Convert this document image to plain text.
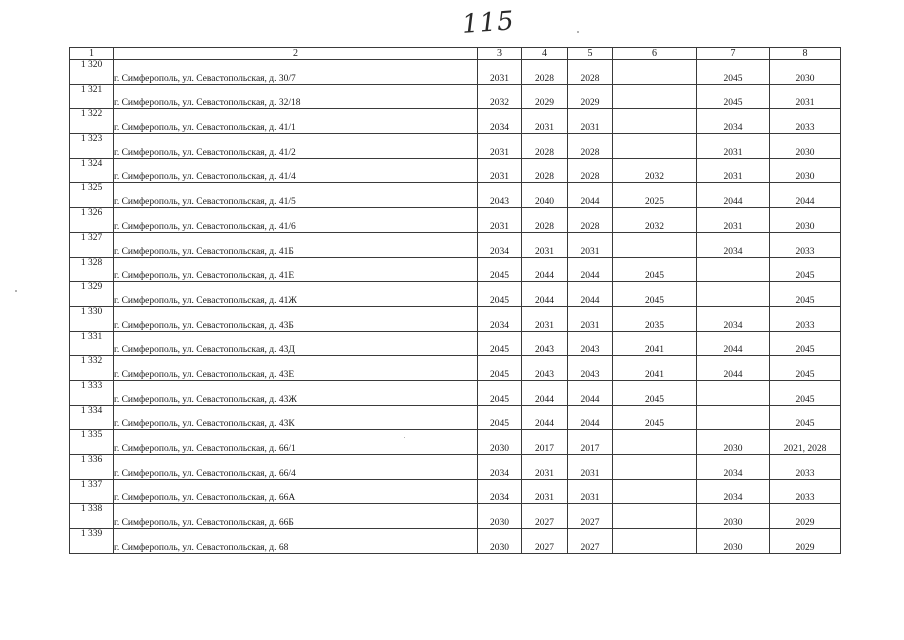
115
1	2	3	4	5	6	7	8
1 320	г. Симферополь, ул. Севастопольская, д. 30/7	2031	2028	2028		2045	2030
1 321	г. Симферополь, ул. Севастопольская, д. 32/18	2032	2029	2029		2045	2031
1 322	г. Симферополь, ул. Севастопольская, д. 41/1	2034	2031	2031		2034	2033
1 323	г. Симферополь, ул. Севастопольская, д. 41/2	2031	2028	2028		2031	2030
1 324	г. Симферополь, ул. Севастопольская, д. 41/4	2031	2028	2028	2032	2031	2030
1 325	г. Симферополь, ул. Севастопольская, д. 41/5	2043	2040	2044	2025	2044	2044
1 326	г. Симферополь, ул. Севастопольская, д. 41/6	2031	2028	2028	2032	2031	2030
1 327	г. Симферополь, ул. Севастопольская, д. 41Б	2034	2031	2031		2034	2033
1 328	г. Симферополь, ул. Севастопольская, д. 41Е	2045	2044	2044	2045		2045
1 329	г. Симферополь, ул. Севастопольская, д. 41Ж	2045	2044	2044	2045		2045
1 330	г. Симферополь, ул. Севастопольская, д. 43Б	2034	2031	2031	2035	2034	2033
1 331	г. Симферополь, ул. Севастопольская, д. 43Д	2045	2043	2043	2041	2044	2045
1 332	г. Симферополь, ул. Севастопольская, д. 43Е	2045	2043	2043	2041	2044	2045
1 333	г. Симферополь, ул. Севастопольская, д. 43Ж	2045	2044	2044	2045		2045
1 334	г. Симферополь, ул. Севастопольская, д. 43К	2045	2044	2044	2045		2045
1 335	г. Симферополь, ул. Севастопольская, д. 66/1	2030	2017	2017		2030	2021, 2028
1 336	г. Симферополь, ул. Севастопольская, д. 66/4	2034	2031	2031		2034	2033
1 337	г. Симферополь, ул. Севастопольская, д. 66А	2034	2031	2031		2034	2033
1 338	г. Симферополь, ул. Севастопольская, д. 66Б	2030	2027	2027		2030	2029
1 339	г. Симферополь, ул. Севастопольская, д. 68	2030	2027	2027		2030	2029
